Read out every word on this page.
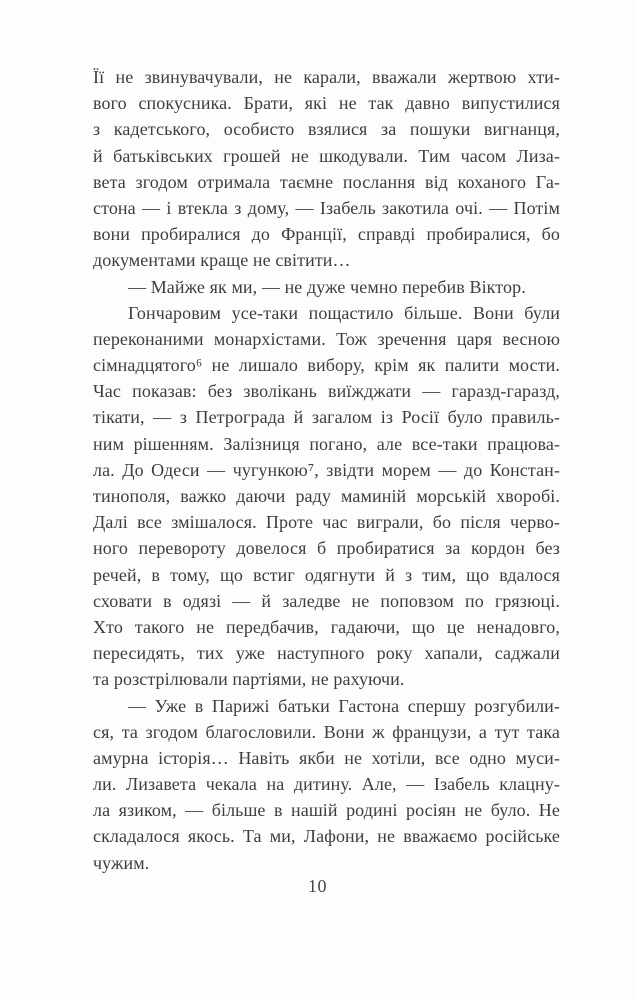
Її не звинувачували, не карали, вважали жертвою хти-
вого спокусника. Брати, які не так давно випустилися
з кадетського, особисто взялися за пошуки вигнанця,
й батьківських грошей не шкодували. Тим часом Лиза-
вета згодом отримала таємне послання від коханого Га-
стона — і втекла з дому, — Ізабель закотила очі. — Потім
вони пробиралися до Франції, справді пробиралися, бо
документами краще не світити…
— Майже як ми, — не дуже чемно перебив Віктор.
Гончаровим усе-таки пощастило більше. Вони були
переконаними монархістами. Тож зречення царя весною
сімнадцятого⁶ не лишало вибору, крім як палити мости.
Час показав: без зволікань виїжджати — гаразд-гаразд,
тікати, — з Петрограда й загалом із Росії було правиль-
ним рішенням. Залізниця погано, але все-таки працюва-
ла. До Одеси — чугункою⁷, звідти морем — до Констан-
тинополя, важко даючи раду маминій морській хворобі.
Далі все змішалося. Проте час виграли, бо після черво-
ного перевороту довелося б пробиратися за кордон без
речей, в тому, що встиг одягнути й з тим, що вдалося
сховати в одязі — й заледве не поповзом по грязюці.
Хто такого не передбачив, гадаючи, що це ненадовго,
пересидять, тих уже наступного року хапали, саджали
та розстрілювали партіями, не рахуючи.
— Уже в Парижі батьки Гастона спершу розгубили-
ся, та згодом благословили. Вони ж французи, а тут така
амурна історія… Навіть якби не хотіли, все одно муси-
ли. Лизавета чекала на дитину. Але, — Ізабель клацну-
ла язиком, — більше в нашій родині росіян не було. Не
складалося якось. Та ми, Лафони, не вважаємо російське
чужим.
10
